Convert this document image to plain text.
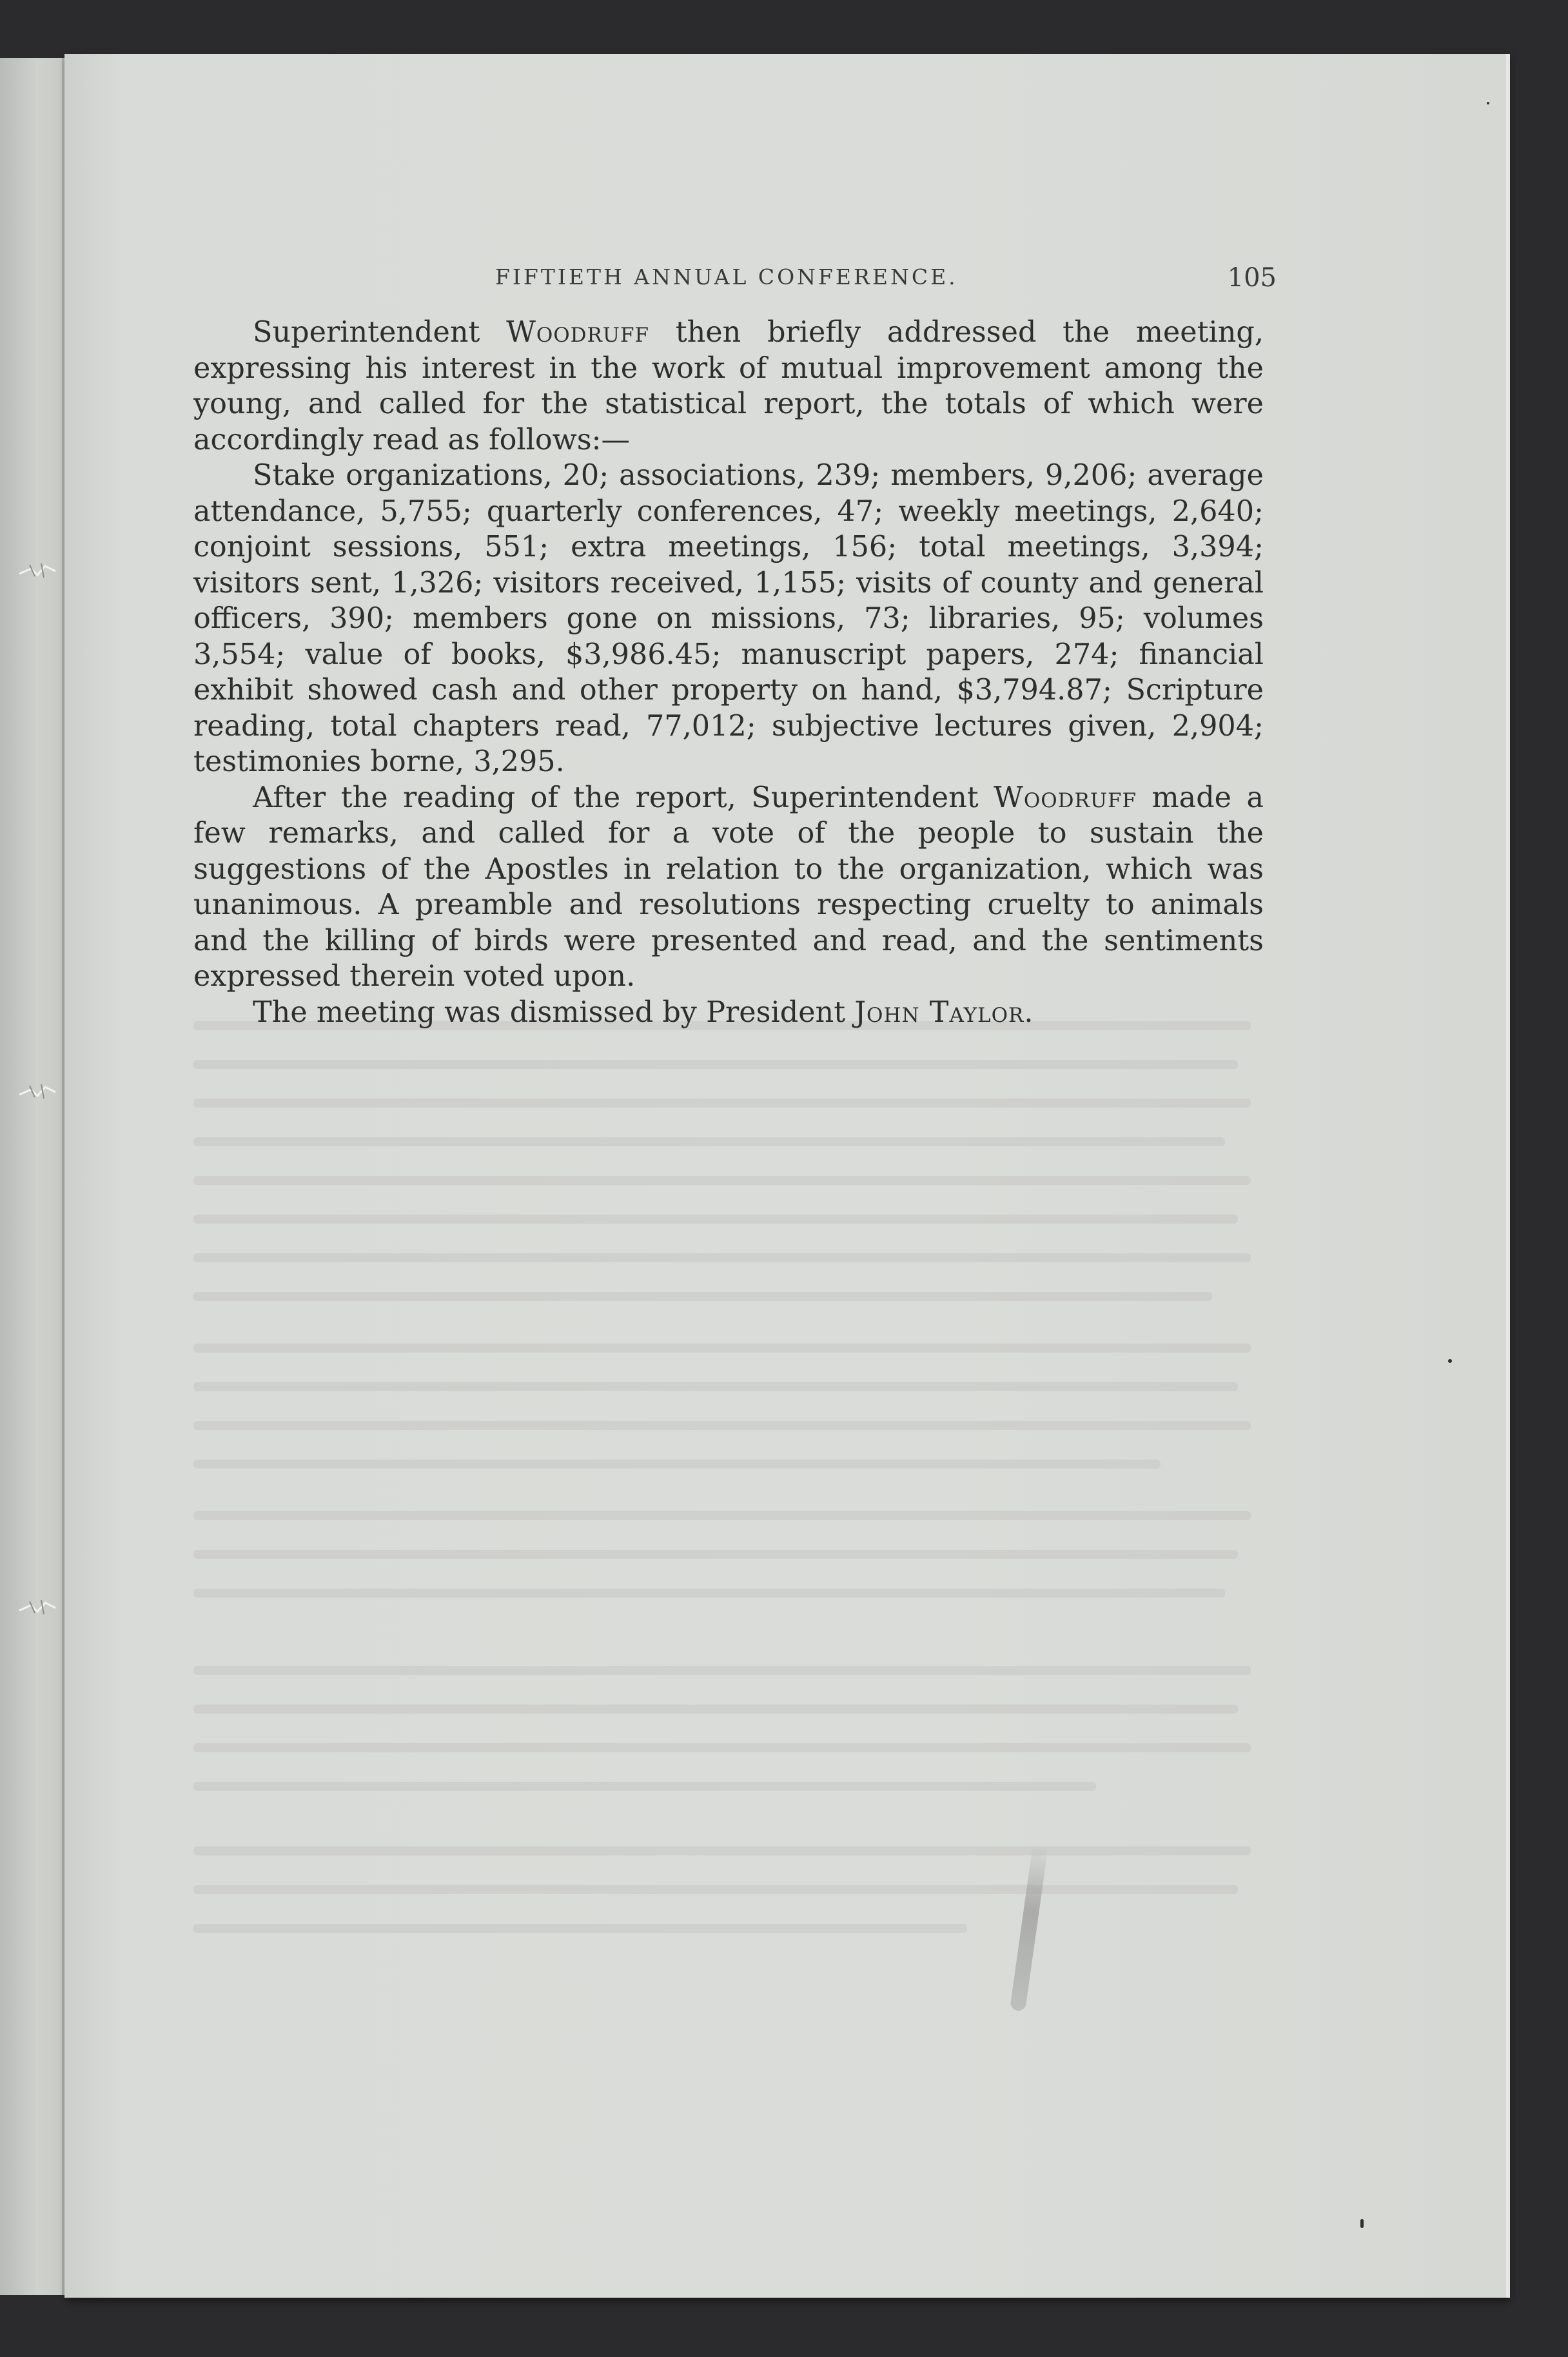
FIFTIETH ANNUAL CONFERENCE.	105

Superintendent Woodruff then briefly addressed the meeting, expressing his interest in the work of mutual improvement among the young, and called for the statistical report, the totals of which were accordingly read as follows:—

Stake organizations, 20; associations, 239; members, 9,206; average attendance, 5,755; quarterly conferences, 47; weekly meetings, 2,640; conjoint sessions, 551; extra meetings, 156; total meetings, 3,394; visitors sent, 1,326; visitors received, 1,155; visits of county and general officers, 390; members gone on missions, 73; libraries, 95; volumes 3,554; value of books, $3,986.45; manuscript papers, 274; financial exhibit showed cash and other property on hand, $3,794.87; Scripture reading, total chapters read, 77,012; subjective lectures given, 2,904; testimonies borne, 3,295.

After the reading of the report, Superintendent Woodruff made a few remarks, and called for a vote of the people to sustain the suggestions of the Apostles in relation to the organization, which was unanimous. A preamble and resolutions respecting cruelty to animals and the killing of birds were presented and read, and the sentiments expressed therein voted upon.

The meeting was dismissed by President John Taylor.
